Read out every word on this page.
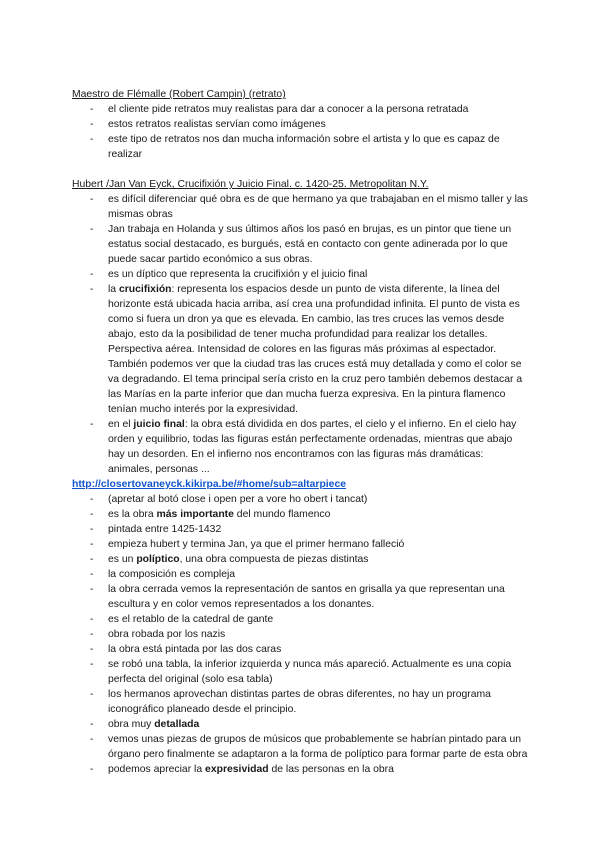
Maestro de Flémalle (Robert Campin) (retrato)

- el cliente pide retratos muy realistas para dar a conocer a la persona retratada
- estos retratos realistas servían como imágenes
- este tipo de retratos nos dan mucha información sobre el artista y lo que es capaz de realizar

Hubert /Jan Van Eyck, Crucifixión y Juicio Final. c. 1420-25. Metropolitan N.Y.

- es difícil diferenciar qué obra es de que hermano ya que trabajaban en el mismo taller y las mismas obras
- Jan trabaja en Holanda y sus últimos años los pasó en brujas, es un pintor que tiene un estatus social destacado, es burgués, está en contacto con gente adinerada por lo que puede sacar partido económico a sus obras.
- es un díptico que representa la crucifixión y el juicio final
- la crucifixión: representa los espacios desde un punto de vista diferente, la línea del horizonte está ubicada hacia arriba, así crea una profundidad infinita. El punto de vista es como si fuera un dron ya que es elevada. En cambio, las tres cruces las vemos desde abajo, esto da la posibilidad de tener mucha profundidad para realizar los detalles. Perspectiva aérea. Intensidad de colores en las figuras más próximas al espectador. También podemos ver que la ciudad tras las cruces está muy detallada y como el color se va degradando. El tema principal sería cristo en la cruz pero también debemos destacar a las Marías en la parte inferior que dan mucha fuerza expresiva. En la pintura flamenco tenían mucho interés por la expresividad.
- en el juicio final: la obra está dividida en dos partes, el cielo y el infierno. En el cielo hay orden y equilibrio, todas las figuras están perfectamente ordenadas, mientras que abajo hay un desorden. En el infierno nos encontramos con las figuras más dramáticas: animales, personas ...
http://closertovaneyck.kikirpa.be/#home/sub=altarpiece
- (apretar al botó close i open per a vore ho obert i tancat)
- es la obra más importante del mundo flamenco
- pintada entre 1425-1432
- empieza hubert y termina Jan, ya que el primer hermano falleció
- es un políptico, una obra compuesta de piezas distintas
- la composición es compleja
- la obra cerrada vemos la representación de santos en grisalla ya que representan una escultura y en color vemos representados a los donantes.
- es el retablo de la catedral de gante
- obra robada por los nazis
- la obra está pintada por las dos caras
- se robó una tabla, la inferior izquierda y nunca más apareció. Actualmente es una copia perfecta del original (solo esa tabla)
- los hermanos aprovechan distintas partes de obras diferentes, no hay un programa iconográfico planeado desde el principio.
- obra muy detallada
- vemos unas piezas de grupos de músicos que probablemente se habrían pintado para un órgano pero finalmente se adaptaron a la forma de políptico para formar parte de esta obra
- podemos apreciar la expresividad de las personas en la obra
